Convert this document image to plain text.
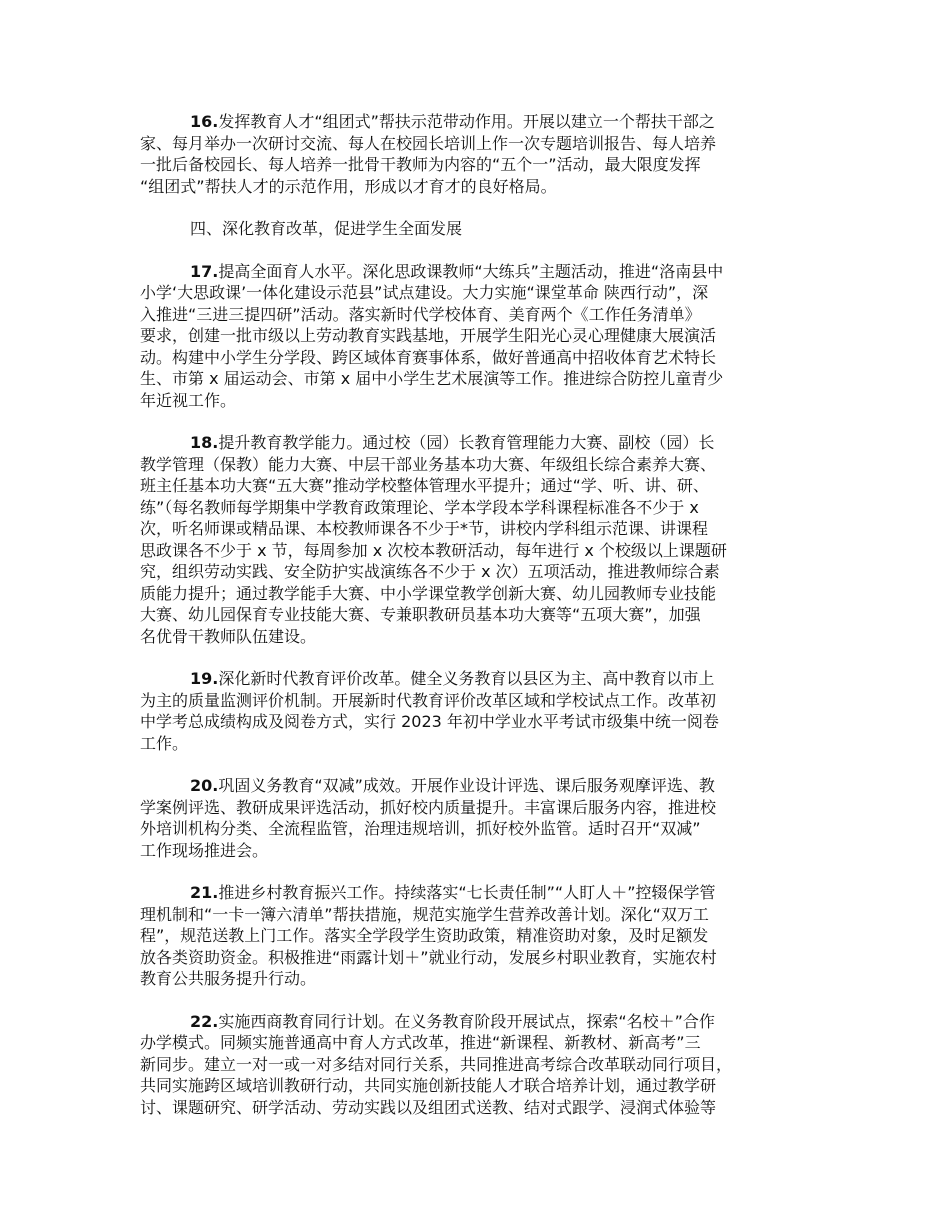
16.发挥教育人才“组团式”帮扶示范带动作用。开展以建立一个帮扶干部之
家、每月举办一次研讨交流、每人在校园长培训上作一次专题培训报告、每人培养
一批后备校园长、每人培养一批骨干教师为内容的“五个一”活动，最大限度发挥
“组团式”帮扶人才的示范作用，形成以才育才的良好格局。
四、深化教育改革，促进学生全面发展
17.提高全面育人水平。深化思政课教师“大练兵”主题活动，推进“洛南县中
小学‘大思政课’一体化建设示范县”试点建设。大力实施“课堂革命 陕西行动”，深
入推进“三进三提四研”活动。落实新时代学校体育、美育两个《工作任务清单》
要求，创建一批市级以上劳动教育实践基地，开展学生阳光心灵心理健康大展演活
动。构建中小学生分学段、跨区域体育赛事体系，做好普通高中招收体育艺术特长
生、市第 x 届运动会、市第 x 届中小学生艺术展演等工作。推进综合防控儿童青少
年近视工作。
18.提升教育教学能力。通过校（园）长教育管理能力大赛、副校（园）长
教学管理（保教）能力大赛、中层干部业务基本功大赛、年级组长综合素养大赛、
班主任基本功大赛“五大赛”推动学校整体管理水平提升；通过“学、听、讲、研、
练”（每名教师每学期集中学教育政策理论、学本学段本学科课程标准各不少于 x
次，听名师课或精品课、本校教师课各不少于*节，讲校内学科组示范课、讲课程
思政课各不少于 x 节，每周参加 x 次校本教研活动，每年进行 x 个校级以上课题研
究，组织劳动实践、安全防护实战演练各不少于 x 次）五项活动，推进教师综合素
质能力提升；通过教学能手大赛、中小学课堂教学创新大赛、幼儿园教师专业技能
大赛、幼儿园保育专业技能大赛、专兼职教研员基本功大赛等“五项大赛”，加强
名优骨干教师队伍建设。
19.深化新时代教育评价改革。健全义务教育以县区为主、高中教育以市上
为主的质量监测评价机制。开展新时代教育评价改革区域和学校试点工作。改革初
中学考总成绩构成及阅卷方式，实行 2023 年初中学业水平考试市级集中统一阅卷
工作。
20.巩固义务教育“双减”成效。开展作业设计评选、课后服务观摩评选、教
学案例评选、教研成果评选活动，抓好校内质量提升。丰富课后服务内容，推进校
外培训机构分类、全流程监管，治理违规培训，抓好校外监管。适时召开“双减”
工作现场推进会。
21.推进乡村教育振兴工作。持续落实“七长责任制”“人盯人＋”控辍保学管
理机制和“一卡一簿六清单”帮扶措施，规范实施学生营养改善计划。深化“双万工
程”，规范送教上门工作。落实全学段学生资助政策，精准资助对象，及时足额发
放各类资助资金。积极推进“雨露计划＋”就业行动，发展乡村职业教育，实施农村
教育公共服务提升行动。
22.实施西商教育同行计划。在义务教育阶段开展试点，探索“名校＋”合作
办学模式。同频实施普通高中育人方式改革，推进“新课程、新教材、新高考”三
新同步。建立一对一或一对多结对同行关系，共同推进高考综合改革联动同行项目，
共同实施跨区域培训教研行动，共同实施创新技能人才联合培养计划，通过教学研
讨、课题研究、研学活动、劳动实践以及组团式送教、结对式跟学、浸润式体验等
